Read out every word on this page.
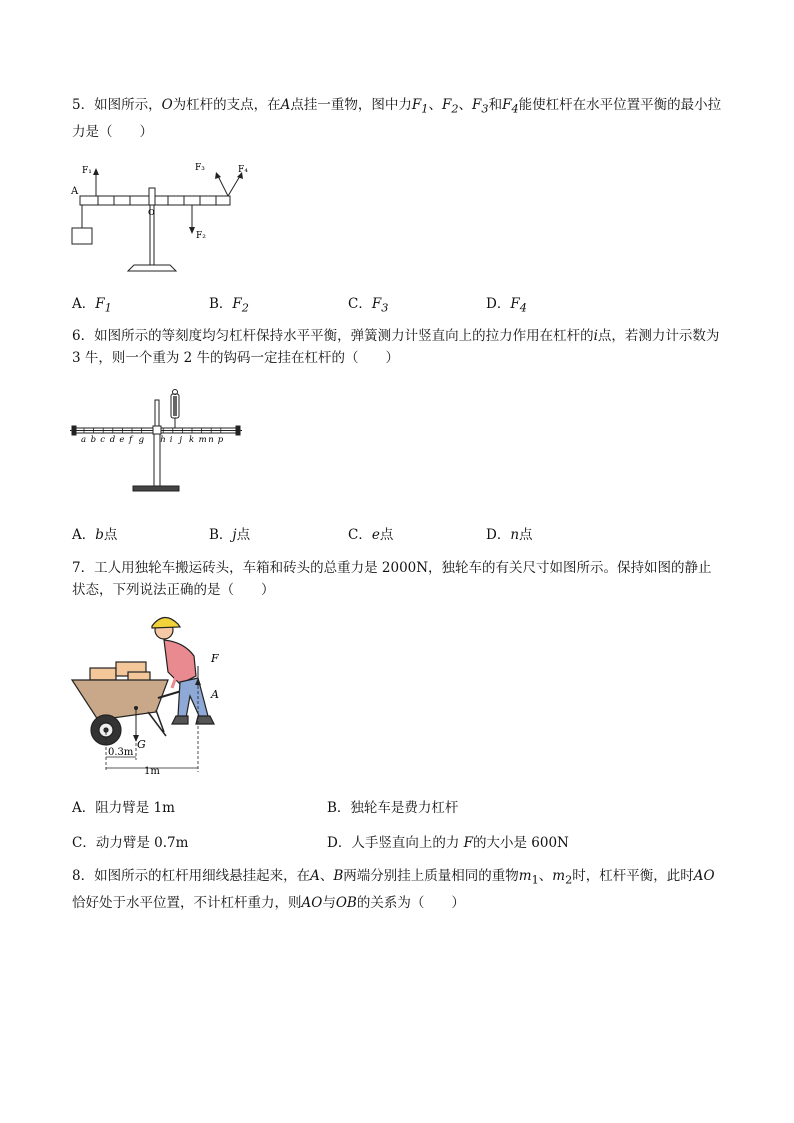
5．如图所示，O为杠杆的支点，在A点挂一重物，图中力$F_1$、$F_2$、$F_3$和$F_4$能使杠杆在水平位置平衡的最小拉力是（　　）
F₁
A
O
F₂
F₃	F₄
A．$F_1$	B．$F_2$	C．$F_3$	D．$F_4$
6．如图所示的等刻度均匀杠杆保持水平平衡，弹簧测力计竖直向上的拉力作用在杠杆的i点，若测力计示数为 3 牛，则一个重为 2 牛的钩码一定挂在杠杆的（　　）
a b c d e f g h i j k m n p
A．b点	B．j点	C．e点	D．n点
7．工人用独轮车搬运砖头，车箱和砖头的总重力是 2000N，独轮车的有关尺寸如图所示。保持如图的静止状态，下列说法正确的是（　　）
F
A
G
0.3m
1m
A．阻力臂是 1m	B．独轮车是费力杠杆
C．动力臂是 0.7m	D．人手竖直向上的力 F的大小是 600N
8．如图所示的杠杆用细线悬挂起来，在A、B两端分别挂上质量相同的重物$m_1$、$m_2$时，杠杆平衡，此时AO恰好处于水平位置，不计杠杆重力，则AO与OB的关系为（　　）
